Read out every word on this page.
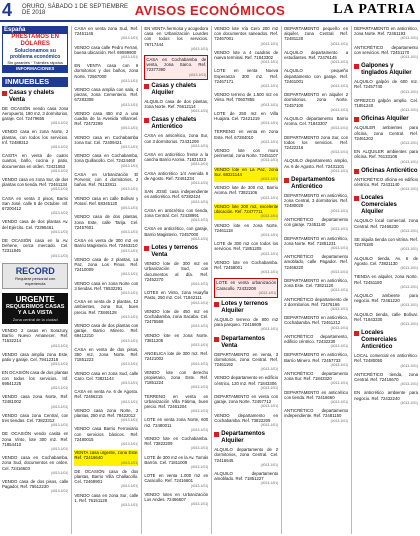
4	ORURO, SÁBADO 1 DE SEPTIEMBRE DE 2018	AVISOS ECONÓMICOS	LA PATRIA
España
PRÉSTAMOS EN DÓLARES
Solucionamos su problema económico
Sin garantes · Trámites rápidos
INFORMACIONES
INMUEBLES
Casas y chalets Venta
DE OCASIÓN vendo casa zona Aeropuerto, 180 m2, 3 dormitorios, garaje. Cel. 72479655
(4013-1/01)
VENDO casa en zona Norte, 2 plantas, con todos los servicios. Inf. 72488312
(4013-1/01)
CASITA en venta de cuatro cuartos, baño, cocina y patio, documentos en orden. 72421553
(4013-1/01)
VENDO casa en zona Sur, de dos plantas con tienda. Ref. 72461134
(4013-1/01)
CASA en venta 3 pisos, Barrio San José, calle 6 de Octubre. Inf. 67200412
(4013-1/01)
VENDO casa de dos plantas Av. del Ejército. Cel. 72395461
(4013-1/01)
DE OCASIÓN casa en la Av. Dehene, cerca mercado. Cel. 72311845
(4013-1/01)
RECORD
Requiere personal con experiencia
URGENTE
REQUERIMOS CASAS Y A LA VISTA
Zona central de la ciudad
VENDO 2 casas en Sorazury, Barrio Nuevo Amanecer. Ref. 71532214
(4013-1/01)
VENDO casa amplia zona Este, patio y garaje. Cel. 79412318
(4013-1/01)
EN OCASIÓN casa de dos plantas con todos los servicios. Inf. 69541225
(4013-1/01)
VENDO casa zona Norte, Ref. 72481002
(4013-1/01)
VENDO casa zona Central, con tres tiendas. Cel. 73823312
(4013-1/01)
DE OCASIÓN vendo casita en zona Vinto, lote 300 m2. Ref. 71854410
(4013-1/01)
VENDO casa en Cochabamba, zona Sud, documentos en orden. Cel. 72416603
(4013-1/01)
VENDO casa de dos pisos, calle Pagador, Ref. 75512230
(4013-1/01)
CASA en venta zona Sud, Ref. 72451145
(4013-1/01)
VENDO casa calle Pedro Ferrari, buena ubicación. Ref. 69599900
(4013-1/01)
EN VENTA casa con 6 dormitorios y dos baños, zona Norte. 72567000
(4013-1/01)
VENDO casa amplia con sala, 4 piezas, zona Cementerio. Ref. 67283308
(4013-1/01)
VENDO casa 450 m2 a una cuadra de la Avenida Villarroel. Ref. 72472299
(4013-1/01)
VENDO casa en Cochabamba zona Sur. Cel. 72409421
(4013-1/01)
VENDO casa en Cochabamba, zona Quillacollo. Cel. 72424460
(4013-1/01)
CASA en Urbanización El Porvenir, con 4 dormitorios, 2 baños. Ref. 76132811
(4013-1/01)
VENDO casa en calle Bolívar y Potosí. Ref. 68345120
(4013-1/01)
VENDO casa de dos plantas, zona Este, calle Tarija. Cel. 72457601
(4013-1/01)
CASA en venta de 300 m2 en Barrio Magisterio. Ref. 72463210
(4013-1/01)
VENDO casa de 2 plantas, La Paz, zona Los Pinos. Ref. 72410009
(4013-1/01)
VENDO casa en zona Norte con 3 tiendas. Ref. 76532291
(4013-1/01)
CASA en venta de 2 plantas, 12 ambientes, zona Sur, buen precio. Ref. 73846128
(4013-1/01)
VENDO casa de dos plantas con garaje, Barrio Minero. Ref. 69412210
(4013-1/01)
CASA en venta de dos pisos, 350 m2, zona Norte. Ref. 71851223
(4013-1/01)
VENDO casa en zona Sud, calle Caro. Cel. 73821144
(4013-1/01)
CASA en venta Av. 6 de Agosto. Ref. 72466215
(4013-1/01)
VENDO casa zona Norte, 2 plantas, 250 m2. Ref. 78422012
(4013-1/01)
VENDO casa Barrio Ferroviario con servicios básicos. Ref. 72480015
(4013-1/01)
VENTA casa urgente, zona Este. Ref. 72416640
(4013-1/01)
DE OCASIÓN casa de dos plantas, Barrio Villa Challacollo. Cel. 72469901
(4013-1/01)
VENDO casa en zona Sur, calle 1. Ref. 76151128
(4013-1/01)
EN VENTA hermosa y acogedora casa en Urbanización Lourdes con todos los servicios. 76717444
(4013-1/01)
CASA en Cochabamba de venta, zona Sarco. Ref. 72377390
(4013-1/01)
Casas y chalets Alquiler
ALQUILO casa de dos plantas, zona Norte. Ref. 76612114
(4013-1/01)
Casas y chalets Anticrético
CASA en anticrético, zona Sur, con 3 dormitorios. 72431209
(4013-1/01)
CASA en anticrético frente a la cancha Barrio Aroma. 71821023
(4013-1/01)
CASA anticrético 1/4 Avenida 6 de Agosto. Ref. 72461234
(4013-1/01)
SAN JOSÉ casa independiente en anticrético. Ref. 67282424
(4013-1/01)
CASA en anticrético con tienda, zona Central. Cel. 72438991
(4013-1/01)
CASA en anticrético, con garaje, Barrio Magisterio. 72457000
(4013-1/01)
Lotes y terrenos Venta
VENDO lote de 300 m2 en Urbanización Sud, con documentos al día. Ref. 72452270
(4013-1/01)
LOTES en Vinto, zona Huayña Pasto, 250 m2. Cel. 71842111
(4013-1/01)
VENDO lote de 450 m2 en Cochabamba, zona Sacaba. Cel. 72475569
(4013-1/01)
VENDO lote en zona Norte. 73811205
(4013-1/01)
ANGELICA lote de 300 m2. Ref. 72421002
(4013-1/01)
VENDO lote con derecho propietario, zona Este. Ref. 71851224
(4013-1/01)
TERRENO en venta en Urbanización Villa Fátima, buen precio. Ref. 72461204
(4013-1/01)
LOTE en venta zona Norte, 600 m2. 72480011
(4013-1/01)
VENDO lote en Cochabamba. Ref. 73822209
(4013-1/01)
LOTE de 300 m2 en la Av. Tomás Barrón. Cel. 71811009
(4013-1/01)
LOTE en venta 1.000 m2 en Caracollo. Ref. 72416601
(4013-1/01)
VENDO lotes en Urbanización Los Andes. 72466607
(4013-1/01)
VENDO lote Vía Cero 200 m2 con documentos saneados. Ref. 72467001
(4013-1/01)
VENDO lote a 4 cuadras de nueva terminal. Ref. 71843302
(4013-1/01)
LOTE en venta Nueva Esperanza 300 m2. Ref. 72467171
(4013-1/01)
VENDO terreno de 1.500 m2 en Vinto. Ref. 70607855
(4013-1/01)
LOTE de 250 m2 en Villa Huajara. Cel. 72421219
(4013-1/01)
TERRENO en venta en zona Este. Ref. 67284010
(4013-1/01)
VENDO lote con muro perimetral, zona Norte. 72451107
(4013-1/01)
VENDO lote en La Paz, zona Sur. 68321144
(4013-1/01)
VENDO lote de 300 m2, Barrio Aroma. Ref. 73821106
(4013-1/01)
VENDO lote 200 m2, excelente ubicación. Ref. 72477711
(4013-1/01)
VENDO lote en zona Norte. 72461118
(4013-1/01)
LOTE de 300 m2 con todos los servicios. Ref. 71851205
(4013-1/01)
VENDO lote en Cochabamba. Ref. 72458001
(4013-1/01)
LOTE en venta urbanización Caracollo. 72432208
(4013-1/01)
Lotes y terrenos Alquiler
ALQUILO terreno de 800 m2 para parqueo. 72416609
(4013-1/01)
Departamentos Venta
DEPARTAMENTO en venta, 3 dormitorios, zona Central. Ref. 72461192
(4013-1/01)
VENDO departamento en edificio céntrico, 120 m2. Ref. 71843306
(4013-1/01)
DEPARTAMENTO en venta con garaje, zona Norte. 72457712
(4013-1/01)
VENDO departamento en Cochabamba. Ref. 73822205
(4013-1/01)
Departamentos Alquiler
ALQUILO departamento de 2 dormitorios, zona Central. Cel. 72416645
(4013-1/01)
ALQUILO departamento amoblado. Ref. 71851227
(4013-1/01)
DEPARTAMENTO pequeño en alquiler, zona Central. Ref. 72481128
(4013-1/01)
ALQUILO departamento a estudiantes. Ref. 72476145
(4013-1/01)
ALQUILO pequeño departamento con garaje. Ref. 72461001
(4013-1/01)
DEPARTAMENTO en alquiler 2 dormitorios, zona Norte. 72457100
(4013-1/01)
ALQUILO departamento Barrio Aroma. Cel. 71843307
(4013-1/01)
DEPARTAMENTO zona Sur, con todos los servicios. Ref. 72422216
(4013-1/01)
ALQUILO departamento amplio, Av. 6 de Agosto. Ref. 72431101
(4013-1/01)
Departamentos Anticrético
DEPARTAMENTO en anticrético, zona Central, 3 dormitorios. Ref. 72480020
(4013-1/01)
ANTICRÉTICO departamento con garaje. 72451140
(4013-1/01)
DEPARTAMENTO en anticrético, zona Norte. Ref. 71851231
(4013-1/01)
ANTICRÉTICO departamento amoblado, calle Pagador. Ref. 72466220
(4013-1/01)
DEPARTAMENTO en anticrético, zona Este. Cel. 73821120
(4013-1/01)
ANTICRÉTICO departamento de 2 dormitorios. Ref. 72476166
(4013-1/01)
DEPARTAMENTO en anticrético, Cochabamba. Ref. 72461212
(4013-1/01)
ANTICRÉTICO departamento, edificio céntrico. 72432230
(4013-1/01)
DEPARTAMENTO en anticrético, Barrio Minero. Ref. 72457733
(4013-1/01)
ANTICRÉTICO departamento zona Sur. Ref. 71843320
(4013-1/01)
DEPARTAMENTO en anticrético con tienda. Ref. 72416660
(4013-1/01)
ANTICRÉTICO departamento independiente. Ref. 72481150
(4013-1/01)
DEPARTAMENTO en anticrético, zona Norte. Ref. 72461193
(4013-1/01)
ANTICRÉTICO departamento con servicios. Ref. 72451170
(4013-1/01)
Galpones y tinglados Alquiler
ALQUILO galpón de 600 m2. Ref. 72457740
(4013-1/01)
OFREZCO galpón amplio. Cel. 71851240
(4013-1/01)
Oficinas Alquiler
ALQUILER ambientes para oficina, zona Central. Ref. 72461202
(4013-1/01)
EN ALQUILER ambientes para oficina. Ref. 76133106
(4013-1/01)
Oficinas Anticrético
ANTICRÉTICO oficina en edificio céntrico. Ref. 72431140
(4013-1/01)
Locales Comerciales Alquiler
ALQUILO local comercial, zona Central. Ref. 72466230
(4013-1/01)
SE alquila tienda con vitrina. Ref. 72476180
(4013-1/01)
ALQUILO tienda, Av. 6 de Agosto. Cel. 73821130
(4013-1/01)
TIENDA en alquiler, zona Norte. Ref. 72451180
(4013-1/01)
ALQUILO ambiente para negocio. Ref. 72461220
(4013-1/01)
ALQUILO tienda, calle Bolívar. Ref. 71843330
(4013-1/01)
Locales Comerciales Anticrético
LOCAL comercial en anticrético. Ref. 72480050
(4013-1/01)
ANTICRÉTICO tienda, zona Central. Ref. 72416670
(4013-1/01)
EN anticrético ambiente para negocio. Ref. 72432240
(4013-1/01)
